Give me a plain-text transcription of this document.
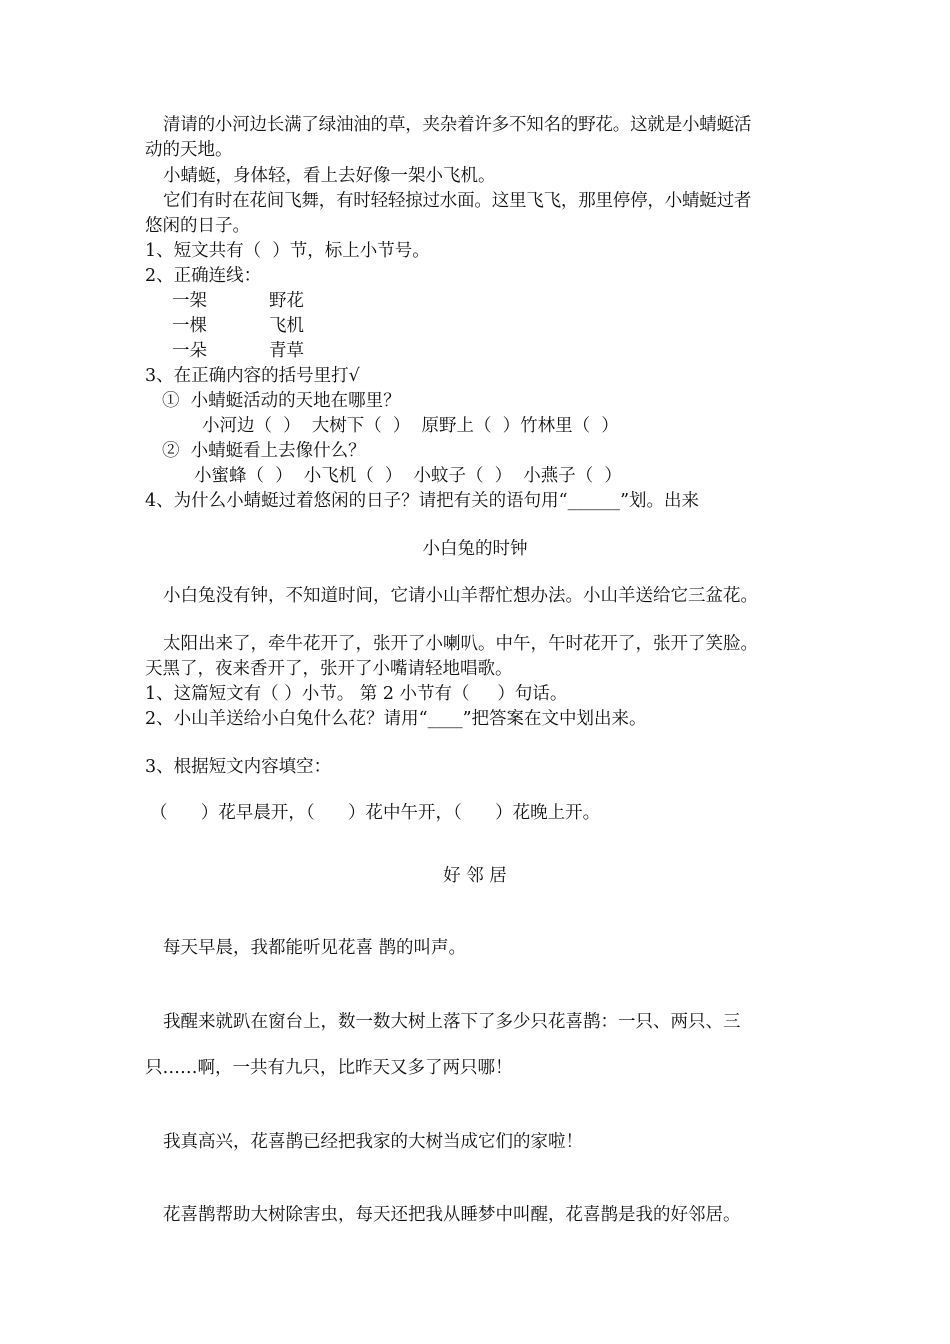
清请的小河边长满了绿油油的草，夹杂着许多不知名的野花。这就是小蜻蜓活
动的天地。
小蜻蜓，身体轻，看上去好像一架小飞机。
它们有时在花间飞舞，有时轻轻掠过水面。这里飞飞，那里停停，小蜻蜓过者
悠闲的日子。
1、短文共有（  ）节，标上小节号。
2、正确连线：
一架	野花
一棵	飞机
一朵	青草
3、在正确内容的括号里打√
①  小蜻蜓活动的天地在哪里？
小河边（  ）  大树下（  ）  原野上（  ）竹林里（  ）
②  小蜻蜓看上去像什么？
小蜜蜂（  ）  小飞机（  ）  小蚊子（  ）  小燕子（  ）
4、为什么小蜻蜓过着悠闲的日子？请把有关的语句用“______”划。出来
小白兔的时钟
小白兔没有钟，不知道时间，它请小山羊帮忙想办法。小山羊送给它三盆花。
太阳出来了，牵牛花开了，张开了小喇叭。中午，午时花开了，张开了笑脸。
天黑了，夜来香开了，张开了小嘴请轻地唱歌。
1、这篇短文有（ ）小节。 第 2 小节有（     ）句话。
2、小山羊送给小白兔什么花？请用“____”把答案在文中划出来。
3、根据短文内容填空：
（      ）花早晨开，（      ）花中午开，（      ）花晚上开。
好 邻 居
每天早晨，我都能听见花喜 鹊的叫声。
我醒来就趴在窗台上，数一数大树上落下了多少只花喜鹊：一只、两只、三
只……啊，一共有九只，比昨天又多了两只哪！
我真高兴，花喜鹊已经把我家的大树当成它们的家啦！
花喜鹊帮助大树除害虫，每天还把我从睡梦中叫醒，花喜鹊是我的好邻居。
